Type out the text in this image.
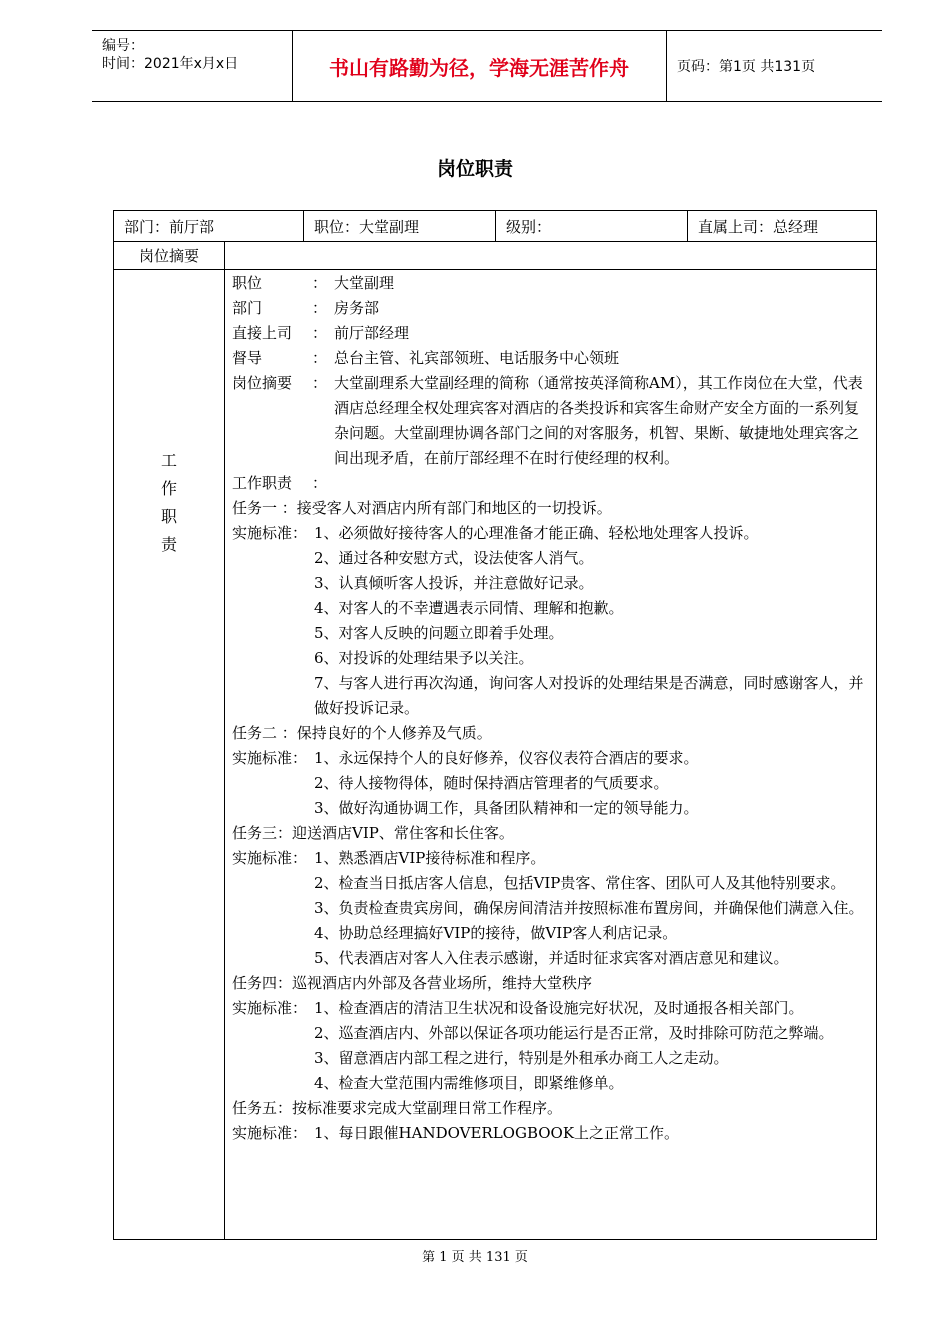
编号：
时间：2021年x月x日	书山有路勤为径，学海无涯苦作舟	页码：第1页 共131页
岗位职责
部门：前厅部	职位：大堂副理	级别：	直属上司：总经理
岗位摘要
工
作
职
责
职位	： 大堂副理
部门	： 房务部
直接上司	： 前厅部经理
督导	： 总台主管、礼宾部领班、电话服务中心领班
岗位摘要	： 大堂副理系大堂副经理的简称（通常按英泽简称AM），其工作岗位在大堂，代表酒店总经理全权处理宾客对酒店的各类投诉和宾客生命财产安全方面的一系列复杂问题。大堂副理协调各部门之间的对客服务，机智、果断、敏捷地处理宾客之间出现矛盾，在前厅部经理不在时行使经理的权利。
工作职责	：
任务一 ：接受客人对酒店内所有部门和地区的一切投诉。
实施标准： 1、必须做好接待客人的心理准备才能正确、轻松地处理客人投诉。
2、通过各种安慰方式，设法使客人消气。
3、认真倾听客人投诉，并注意做好记录。
4、对客人的不幸遭遇表示同情、理解和抱歉。
5、对客人反映的问题立即着手处理。
6、对投诉的处理结果予以关注。
7、与客人进行再次沟通，询问客人对投诉的处理结果是否满意，同时感谢客人，并做好投诉记录。
任务二 ：保持良好的个人修养及气质。
实施标准： 1、永远保持个人的良好修养，仪容仪表符合酒店的要求。
2、待人接物得体，随时保持酒店管理者的气质要求。
3、做好沟通协调工作，具备团队精神和一定的领导能力。
任务三：迎送酒店VIP、常住客和长住客。
实施标准： 1、熟悉酒店VIP接待标准和程序。
2、检查当日抵店客人信息，包括VIP贵客、常住客、团队可人及其他特别要求。
3、负责检查贵宾房间，确保房间清洁并按照标准布置房间，并确保他们满意入住。
4、协助总经理搞好VIP的接待，做VIP客人利店记录。
5、代表酒店对客人入住表示感谢，并适时征求宾客对酒店意见和建议。
任务四：巡视酒店内外部及各营业场所，维持大堂秩序
实施标准： 1、检查酒店的清洁卫生状况和设备设施完好状况，及时通报各相关部门。
2、巡查酒店内、外部以保证各项功能运行是否正常，及时排除可防范之弊端。
3、留意酒店内部工程之进行，特别是外租承办商工人之走动。
4、检查大堂范围内需维修项目，即紧维修单。
任务五：按标准要求完成大堂副理日常工作程序。
实施标准： 1、每日跟催HANDOVERLOGBOOK上之正常工作。
第 1 页 共 131 页
